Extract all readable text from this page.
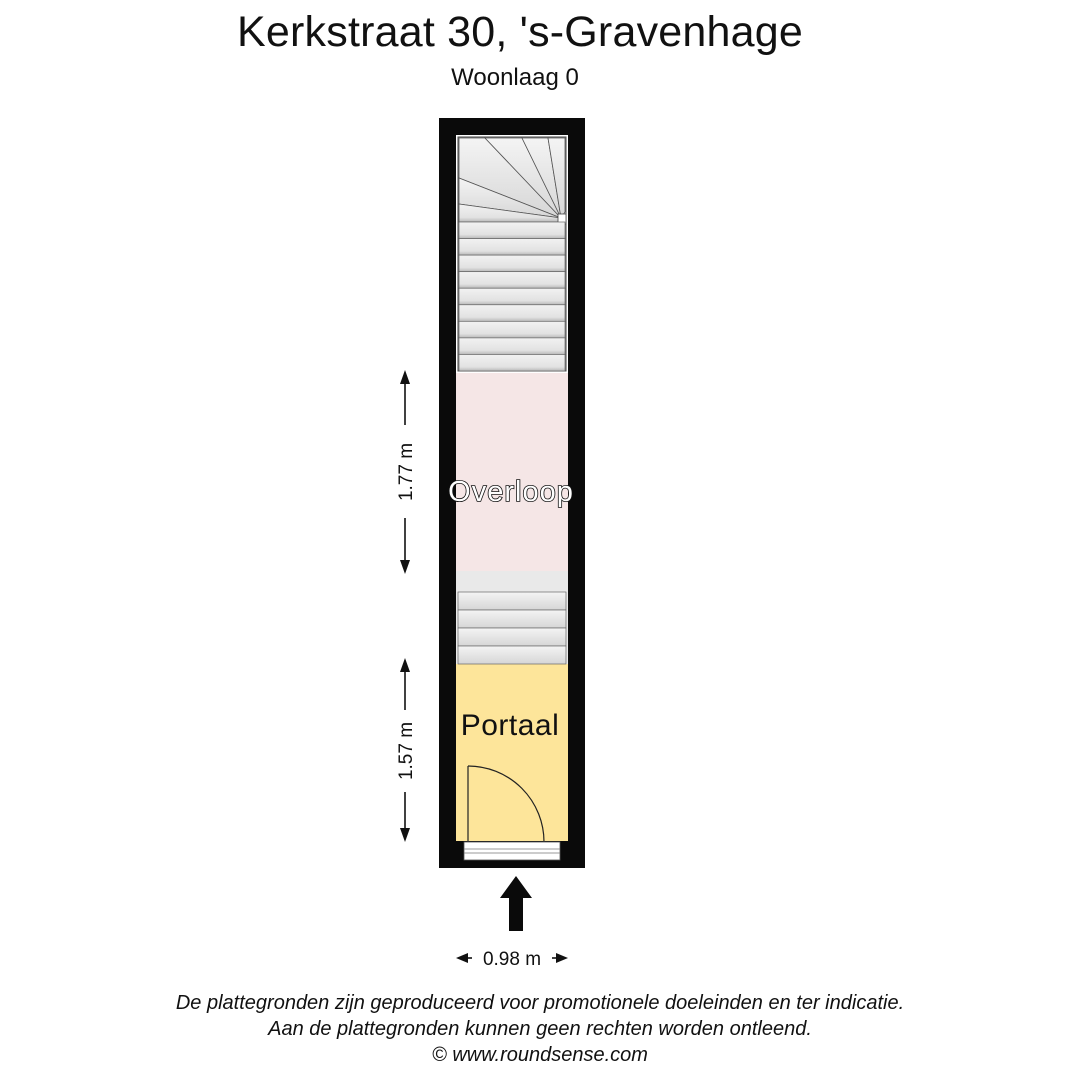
Kerkstraat 30, 's-Gravenhage
Woonlaag 0
Overloop
Portaal
1.77 m
1.57 m
0.98 m
De plattegronden zijn geproduceerd voor promotionele doeleinden en ter indicatie.
Aan de plattegronden kunnen geen rechten worden ontleend.
© www.roundsense.com
